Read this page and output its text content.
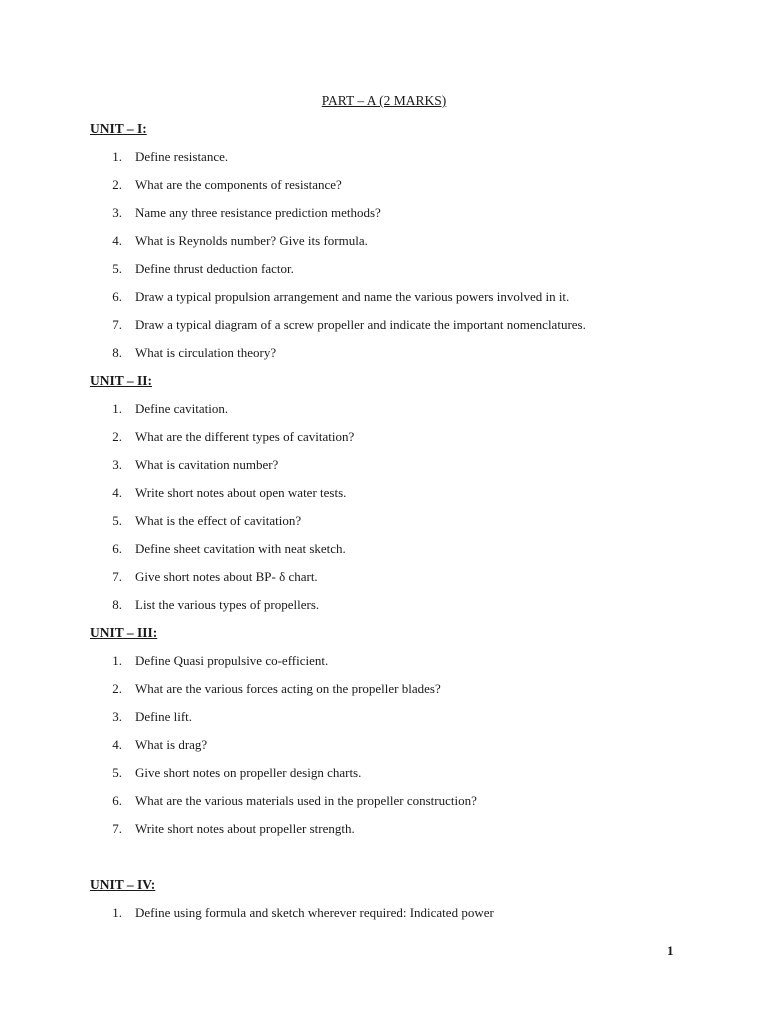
PART – A (2 MARKS)
UNIT – I:
1. Define resistance.
2. What are the components of resistance?
3. Name any three resistance prediction methods?
4. What is Reynolds number? Give its formula.
5. Define thrust deduction factor.
6. Draw a typical propulsion arrangement and name the various powers involved in it.
7. Draw a typical diagram of a screw propeller and indicate the important nomenclatures.
8. What is circulation theory?
UNIT – II:
1. Define cavitation.
2. What are the different types of cavitation?
3. What is cavitation number?
4. Write short notes about open water tests.
5. What is the effect of cavitation?
6. Define sheet cavitation with neat sketch.
7. Give short notes about BP- δ chart.
8. List the various types of propellers.
UNIT – III:
1. Define Quasi propulsive co-efficient.
2. What are the various forces acting on the propeller blades?
3. Define lift.
4. What is drag?
5. Give short notes on propeller design charts.
6. What are the various materials used in the propeller construction?
7. Write short notes about propeller strength.
UNIT – IV:
1. Define using formula and sketch wherever required: Indicated power
1
